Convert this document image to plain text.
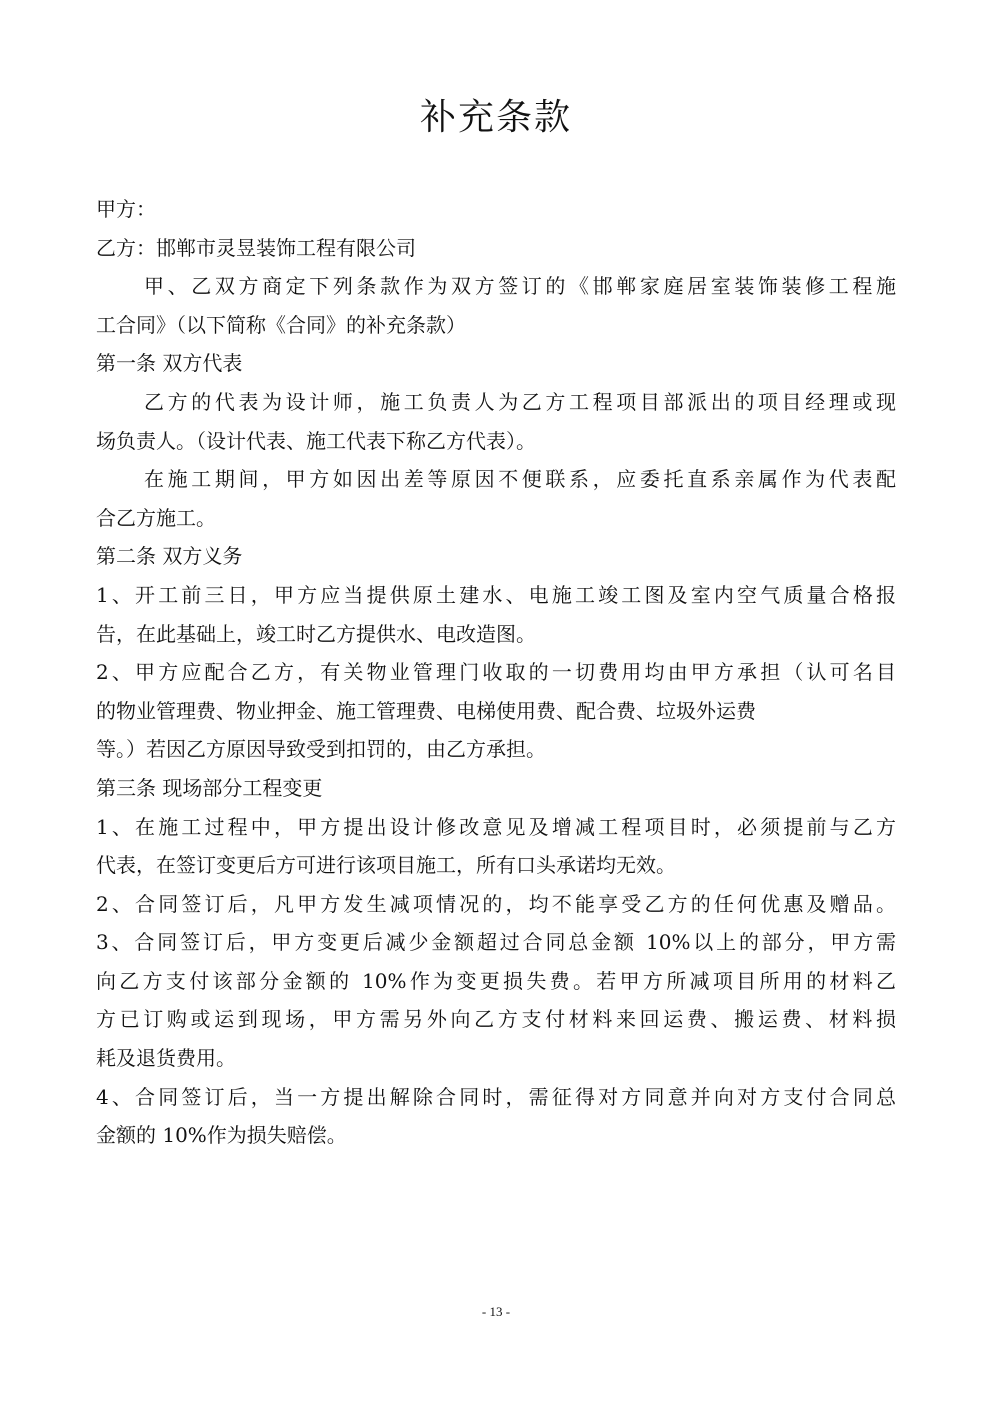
补充条款
甲方：
乙方：邯郸市灵昱装饰工程有限公司
甲、乙双方商定下列条款作为双方签订的《邯郸家庭居室装饰装修工程施
工合同》（以下简称《合同》的补充条款）
第一条 双方代表
乙方的代表为设计师，施工负责人为乙方工程项目部派出的项目经理或现
场负责人。（设计代表、施工代表下称乙方代表）。
在施工期间，甲方如因出差等原因不便联系，应委托直系亲属作为代表配
合乙方施工。
第二条 双方义务
1、开工前三日，甲方应当提供原土建水、电施工竣工图及室内空气质量合格报
告，在此基础上，竣工时乙方提供水、电改造图。
2、甲方应配合乙方，有关物业管理门收取的一切费用均由甲方承担（认可名目
的物业管理费、物业押金、施工管理费、电梯使用费、配合费、垃圾外运费
等。）若因乙方原因导致受到扣罚的，由乙方承担。
第三条 现场部分工程变更
1、在施工过程中，甲方提出设计修改意见及增减工程项目时，必须提前与乙方
代表，在签订变更后方可进行该项目施工，所有口头承诺均无效。
2、合同签订后，凡甲方发生减项情况的，均不能享受乙方的任何优惠及赠品。
3、合同签订后，甲方变更后减少金额超过合同总金额 10%以上的部分，甲方需
向乙方支付该部分金额的 10%作为变更损失费。若甲方所减项目所用的材料乙
方已订购或运到现场，甲方需另外向乙方支付材料来回运费、搬运费、材料损
耗及退货费用。
4、合同签订后，当一方提出解除合同时，需征得对方同意并向对方支付合同总
金额的 10%作为损失赔偿。
- 13 -
